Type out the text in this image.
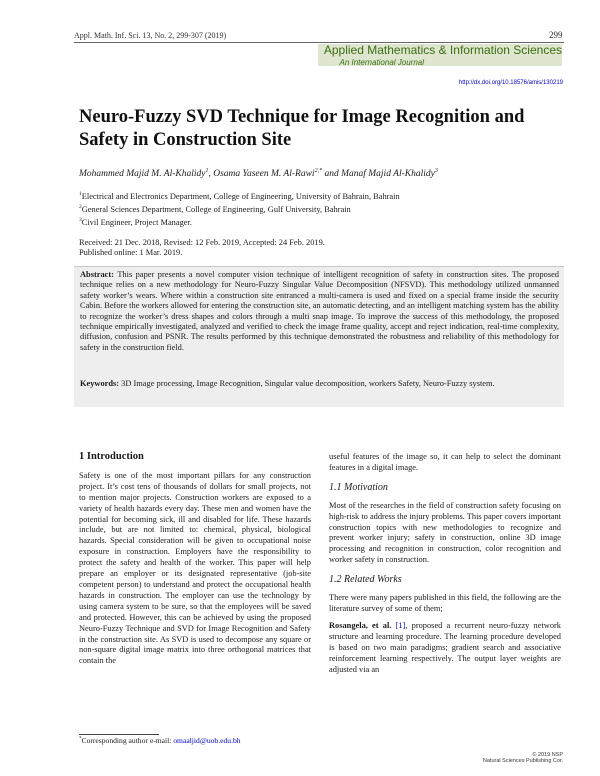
Appl. Math. Inf. Sci. 13, No. 2, 299-307 (2019)	299
Applied Mathematics & Information Sciences
An International Journal
http://dx.doi.org/10.18576/amis/130219
Neuro-Fuzzy SVD Technique for Image Recognition and Safety in Construction Site
Mohammed Majid M. Al-Khalidy$^1$, Osama Yaseen M. Al-Rawi$^{2,*}$ and Manaf Majid Al-Khalidy$^3$
$^1$Electrical and Electronics Department, College of Engineering, University of Bahrain, Bahrain
$^2$General Sciences Department, College of Engineering, Gulf University, Bahrain
$^3$Civil Engineer, Project Manager.
Received: 21 Dec. 2018, Revised: 12 Feb. 2019, Accepted: 24 Feb. 2019.
Published online: 1 Mar. 2019.
Abstract: This paper presents a novel computer vision technique of intelligent recognition of safety in construction sites. The proposed technique relies on a new methodology for Neuro-Fuzzy Singular Value Decomposition (NFSVD). This methodology utilized unmanned safety worker’s wears. Where within a construction site entranced a multi-camera is used and fixed on a special frame inside the security Cabin. Before the workers allowed for entering the construction site, an automatic detecting, and an intelligent matching system has the ability to recognize the worker’s dress shapes and colors through a multi snap image. To improve the success of this methodology, the proposed technique empirically investigated, analyzed and verified to check the image frame quality, accept and reject indication, real-time complexity, diffusion, confusion and PSNR. The results performed by this technique demonstrated the robustness and reliability of this methodology for safety in the construction field.
Keywords: 3D Image processing, Image Recognition, Singular value decomposition, workers Safety, Neuro-Fuzzy system.
1 Introduction

Safety is one of the most important pillars for any construction project. It’s cost tens of thousands of dollars for small projects, not to mention major projects. Construction workers are exposed to a variety of health hazards every day. These men and women have the potential for becoming sick, ill and disabled for life. These hazards include, but are not limited to: chemical, physical, biological hazards. Special consideration will be given to occupational noise exposure in construction. Employers have the responsibility to protect the safety and health of the worker. This paper will help prepare an employer or its designated representative (job-site competent person) to understand and protect the occupational health hazards in construction. The employer can use the technology by using camera system to be sure, so that the employees will be saved and protected. However, this can be achieved by using the proposed Neuro-Fuzzy Technique and SVD for Image Recognition and Safety in the construction site. As SVD is used to decompose any square or non-square digital image matrix into three orthogonal matrices that contain the

useful features of the image so, it can help to select the dominant features in a digital image.

1.1 Motivation

Most of the researches in the field of construction safety focusing on high-risk to address the injury problems. This paper covers important construction topics with new methodologies to recognize and prevent worker injury; safety in construction, online 3D image processing and recognition in construction, color recognition and worker safety in construction.

1.2 Related Works

There were many papers published in this field, the following are the literature survey of some of them;

Rosangela, et al. [1], proposed a recurrent neuro-fuzzy network structure and learning procedure. The learning procedure developed is based on two main paradigms; gradient search and associative reinforcement learning respectively. The output layer weights are adjusted via an

*Corresponding author e-mail: omaaljid@uob.edu.bh
© 2019 NSP
Natural Sciences Publishing Cor.
